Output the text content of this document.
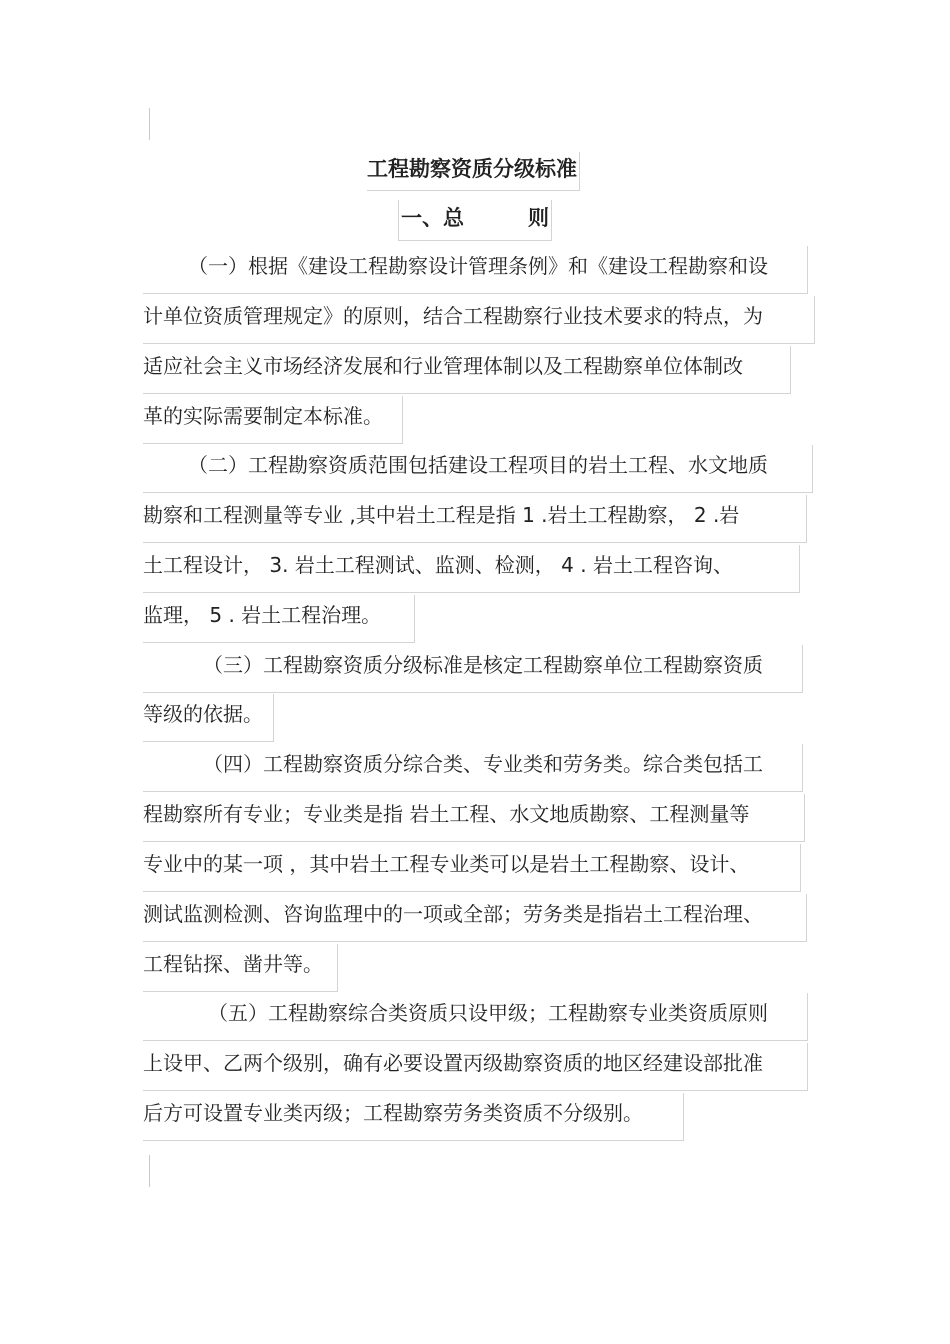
工程勘察资质分级标准
一、总	则
（一）根据《建设工程勘察设计管理条例》和《建设工程勘察和设
计单位资质管理规定》的原则，结合工程勘察行业技术要求的特点，为
适应社会主义市场经济发展和行业管理体制以及工程勘察单位体制改
革的实际需要制定本标准。
（二）工程勘察资质范围包括建设工程项目的岩土工程、水文地质
勘察和工程测量等专业 ,其中岩土工程是指 1 .岩土工程勘察， 2 .岩
土工程设计， 3. 岩土工程测试、监测、检测， 4 . 岩土工程咨询、
监理， 5 . 岩土工程治理。
（三）工程勘察资质分级标准是核定工程勘察单位工程勘察资质
等级的依据。
（四）工程勘察资质分综合类、专业类和劳务类。综合类包括工
程勘察所有专业；专业类是指 岩土工程、水文地质勘察、工程测量等
专业中的某一项 ，其中岩土工程专业类可以是岩土工程勘察、设计、
测试监测检测、咨询监理中的一项或全部；劳务类是指岩土工程治理、
工程钻探、凿井等。
（五）工程勘察综合类资质只设甲级；工程勘察专业类资质原则
上设甲、乙两个级别，确有必要设置丙级勘察资质的地区经建设部批准
后方可设置专业类丙级；工程勘察劳务类资质不分级别。
